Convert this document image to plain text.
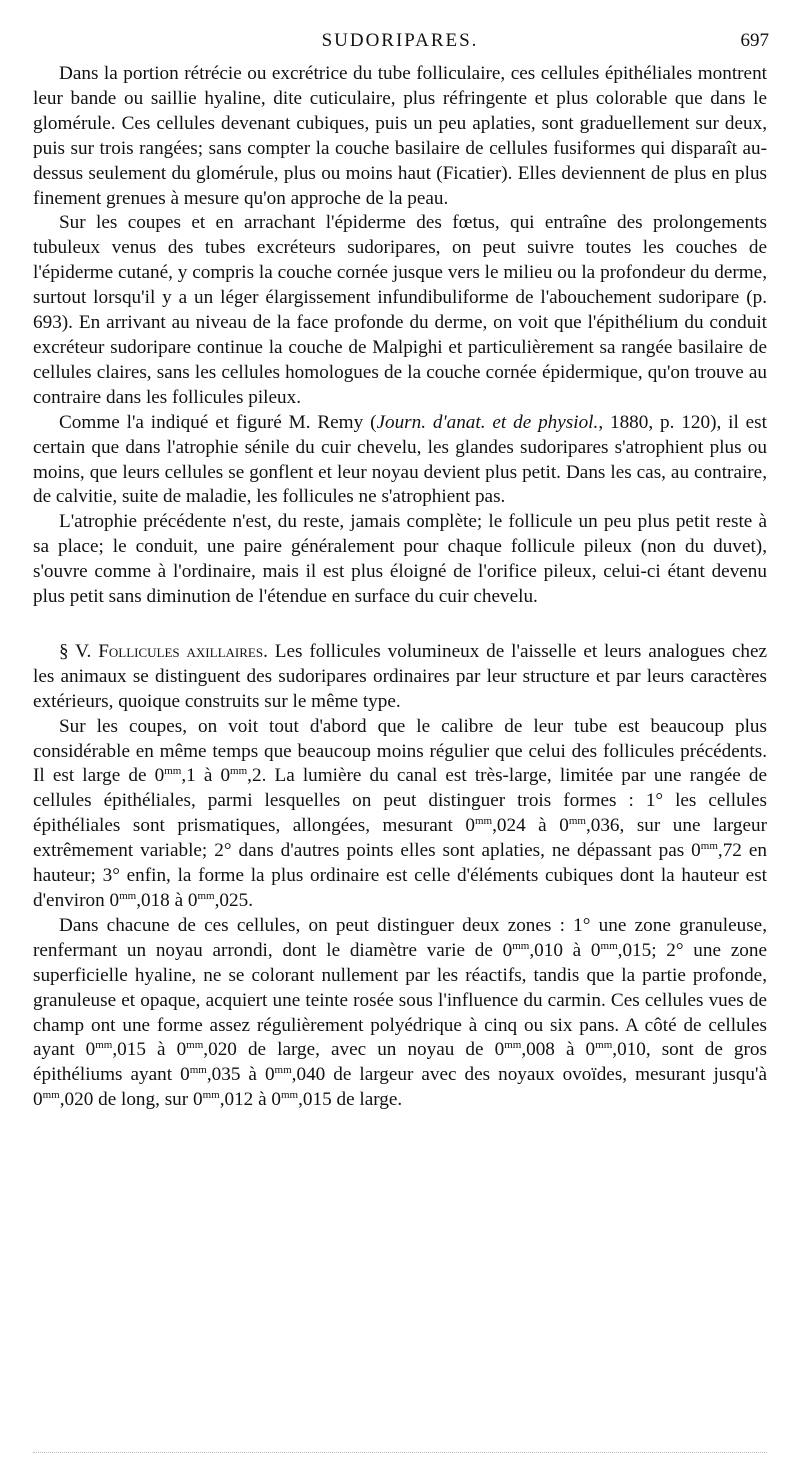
SUDORIPARES.	697

Dans la portion rétrécie ou excrétrice du tube folliculaire, ces cellules épithéliales montrent leur bande ou saillie hyaline, dite cuticulaire, plus réfringente et plus colorable que dans le glomérule. Ces cellules devenant cubiques, puis un peu aplaties, sont graduellement sur deux, puis sur trois rangées; sans compter la couche basilaire de cellules fusiformes qui disparaît au-dessus seulement du glomérule, plus ou moins haut (Ficatier). Elles deviennent de plus en plus finement grenues à mesure qu'on approche de la peau.

Sur les coupes et en arrachant l'épiderme des fœtus, qui entraîne des prolongements tubuleux venus des tubes excréteurs sudoripares, on peut suivre toutes les couches de l'épiderme cutané, y compris la couche cornée jusque vers le milieu ou la profondeur du derme, surtout lorsqu'il y a un léger élargissement infundibuliforme de l'abouchement sudoripare (p. 693). En arrivant au niveau de la face profonde du derme, on voit que l'épithélium du conduit excréteur sudoripare continue la couche de Malpighi et particulièrement sa rangée basilaire de cellules claires, sans les cellules homologues de la couche cornée épidermique, qu'on trouve au contraire dans les follicules pileux.

Comme l'a indiqué et figuré M. Remy (Journ. d'anat. et de physiol., 1880, p. 120), il est certain que dans l'atrophie sénile du cuir chevelu, les glandes sudoripares s'atrophient plus ou moins, que leurs cellules se gonflent et leur noyau devient plus petit. Dans les cas, au contraire, de calvitie, suite de maladie, les follicules ne s'atrophient pas.

L'atrophie précédente n'est, du reste, jamais complète; le follicule un peu plus petit reste à sa place; le conduit, une paire généralement pour chaque follicule pileux (non du duvet), s'ouvre comme à l'ordinaire, mais il est plus éloigné de l'orifice pileux, celui-ci étant devenu plus petit sans diminution de l'étendue en surface du cuir chevelu.

§ V. Follicules axillaires. Les follicules volumineux de l'aisselle et leurs analogues chez les animaux se distinguent des sudoripares ordinaires par leur structure et par leurs caractères extérieurs, quoique construits sur le même type.

Sur les coupes, on voit tout d'abord que le calibre de leur tube est beaucoup plus considérable en même temps que beaucoup moins régulier que celui des follicules précédents. Il est large de $0^{mm},1$ à $0^{mm},2$. La lumière du canal est très-large, limitée par une rangée de cellules épithéliales, parmi lesquelles on peut distinguer trois formes : 1° les cellules épithéliales sont prismatiques, allongées, mesurant $0^{mm},024$ à $0^{mm},036$, sur une largeur extrêmement variable; 2° dans d'autres points elles sont aplaties, ne dépassant pas $0^{mm},72$ en hauteur; 3° enfin, la forme la plus ordinaire est celle d'éléments cubiques dont la hauteur est d'environ $0^{mm},018$ à $0^{mm},025$.

Dans chacune de ces cellules, on peut distinguer deux zones : 1° une zone granuleuse, renfermant un noyau arrondi, dont le diamètre varie de $0^{mm},010$ à $0^{mm},015$; 2° une zone superficielle hyaline, ne se colorant nullement par les réactifs, tandis que la partie profonde, granuleuse et opaque, acquiert une teinte rosée sous l'influence du carmin. Ces cellules vues de champ ont une forme assez régulièrement polyédrique à cinq ou six pans. A côté de cellules ayant $0^{mm},015$ à $0^{mm},020$ de large, avec un noyau de $0^{mm},008$ à $0^{mm},010$, sont de gros épithéliums ayant $0^{mm},035$ à $0^{mm},040$ de largeur avec des noyaux ovoïdes, mesurant jusqu'à $0^{mm},020$ de long, sur $0^{mm},012$ à $0^{mm},015$ de large.
